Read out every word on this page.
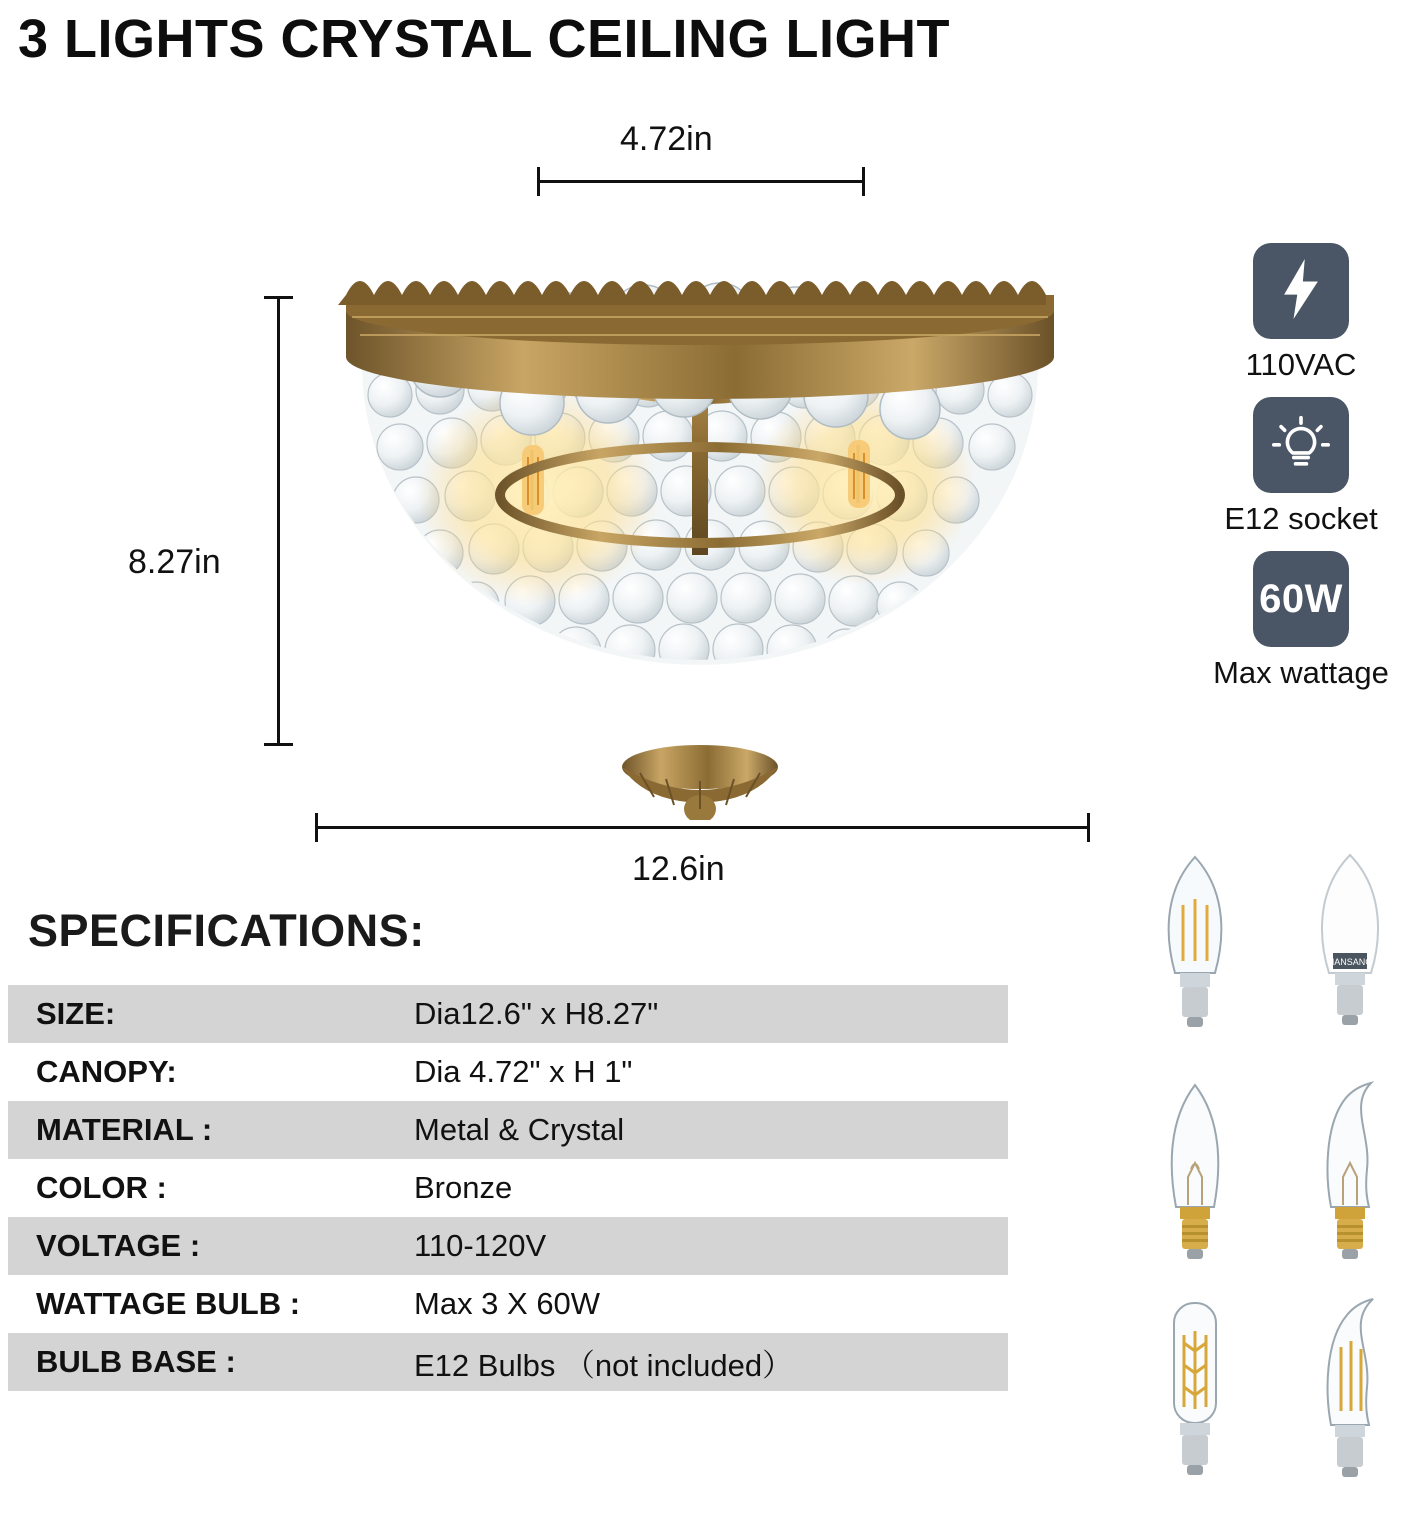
3 LIGHTS CRYSTAL CEILING LIGHT
4.72in
8.27in
12.6in
110VAC
E12 socket
60W
Max wattage
SPECIFICATIONS:
SIZE:	Dia12.6" x H8.27"
CANOPY:	Dia 4.72" x H 1"
MATERIAL :	Metal & Crystal
COLOR :	Bronze
VOLTAGE :	110-120V
WATTAGE BULB :	Max 3 X 60W
BULB BASE :	E12 Bulbs （not included）
HANSANG
